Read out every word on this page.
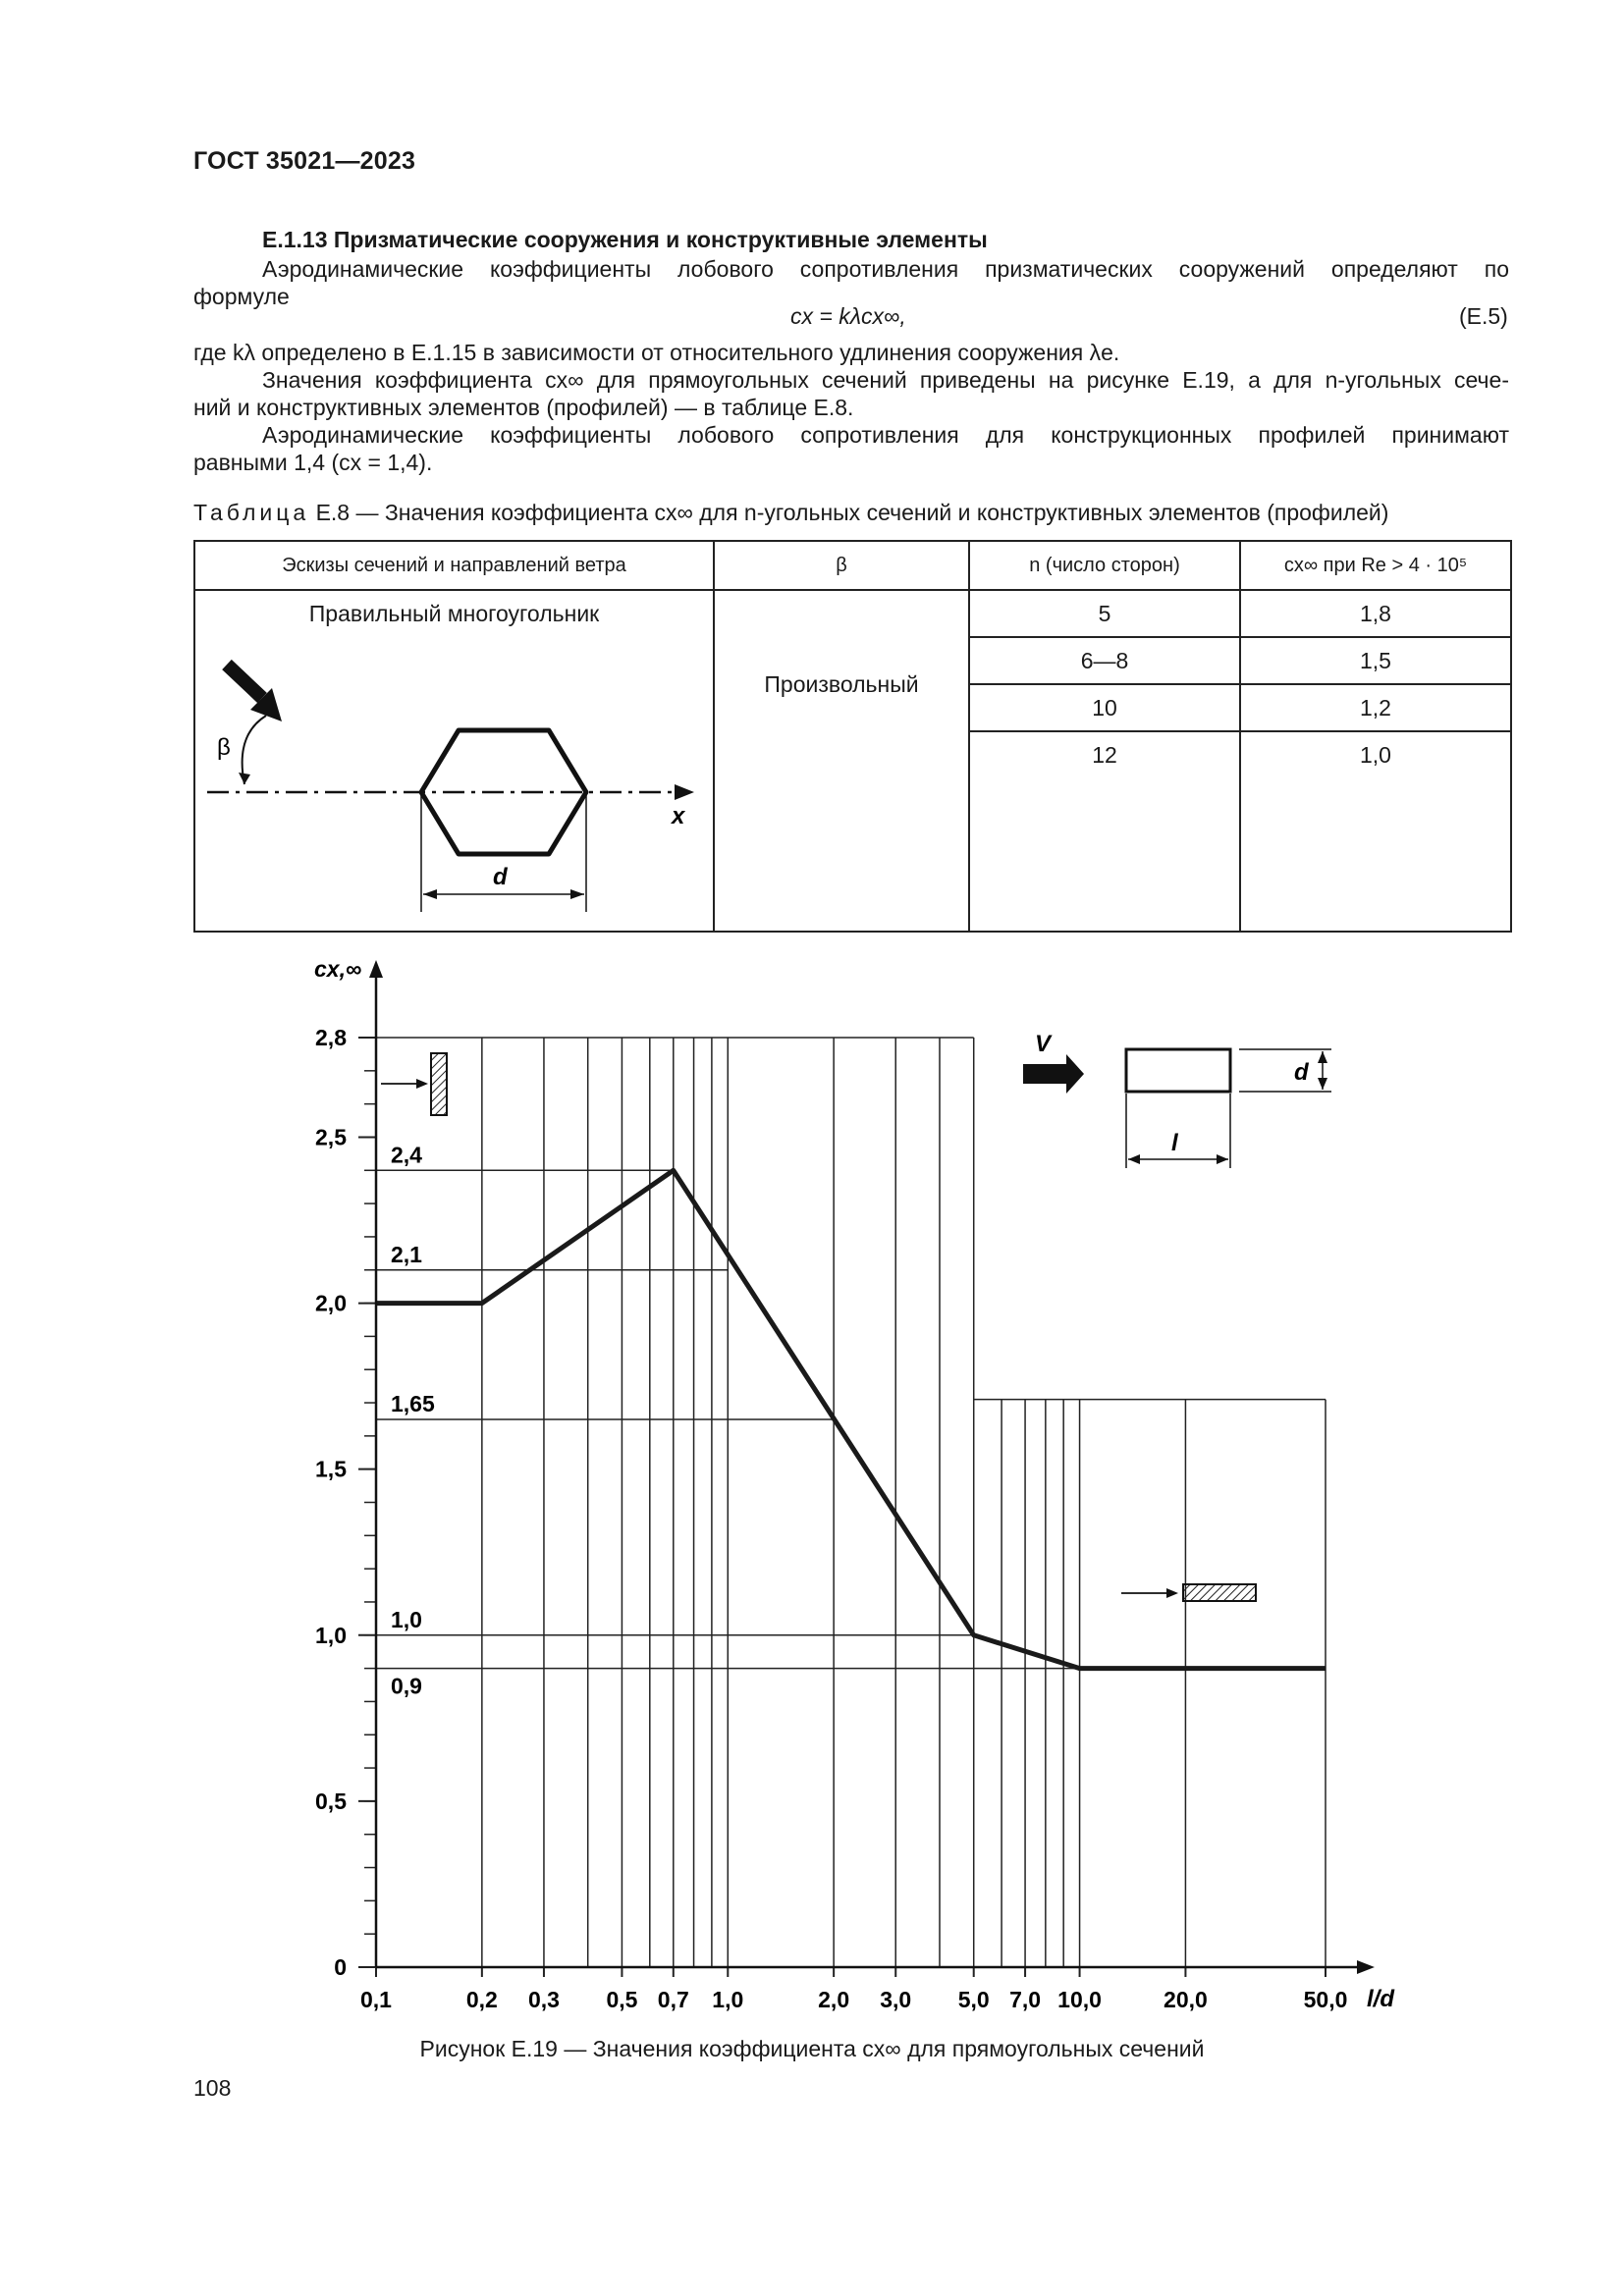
ГОСТ 35021—2023
Е.1.13 Призматические сооружения и конструктивные элементы
Аэродинамические коэффициенты лобового сопротивления призматических сооружений определяют по
формуле
cx = kλcx∞,	(Е.5)
где kλ определено в Е.1.15 в зависимости от относительного удлинения сооружения λe.
Значения коэффициента cx∞ для прямоугольных сечений приведены на рисунке Е.19, а для n-угольных сече-
ний и конструктивных элементов (профилей) — в таблице Е.8.
Аэродинамические коэффициенты лобового сопротивления для конструкционных профилей принимают
равными 1,4 (cx = 1,4).
Таблица Е.8 — Значения коэффициента cx∞ для n-угольных сечений и конструктивных элементов (профилей)
Эскизы сечений и направлений ветра	β	n (число сторон)	cx∞ при Re > 4 · 10⁵

Правильный многоугольник
β
x
d	Произвольный	5	1,8
		6—8	1,5
		10	1,2
		12	1,0
0
0,5
1,0
1,5
2,0
2,5
2,8
0,1	0,2 0,3 0,5 0,7 1,0	2,0 3,0 5,0 7,0 10,0	20,0	50,0
2,4
2,1
1,65
1,0
0,9
cx,∞
l/d
V
d
l
Рисунок Е.19 — Значения коэффициента cx∞ для прямоугольных сечений
108
